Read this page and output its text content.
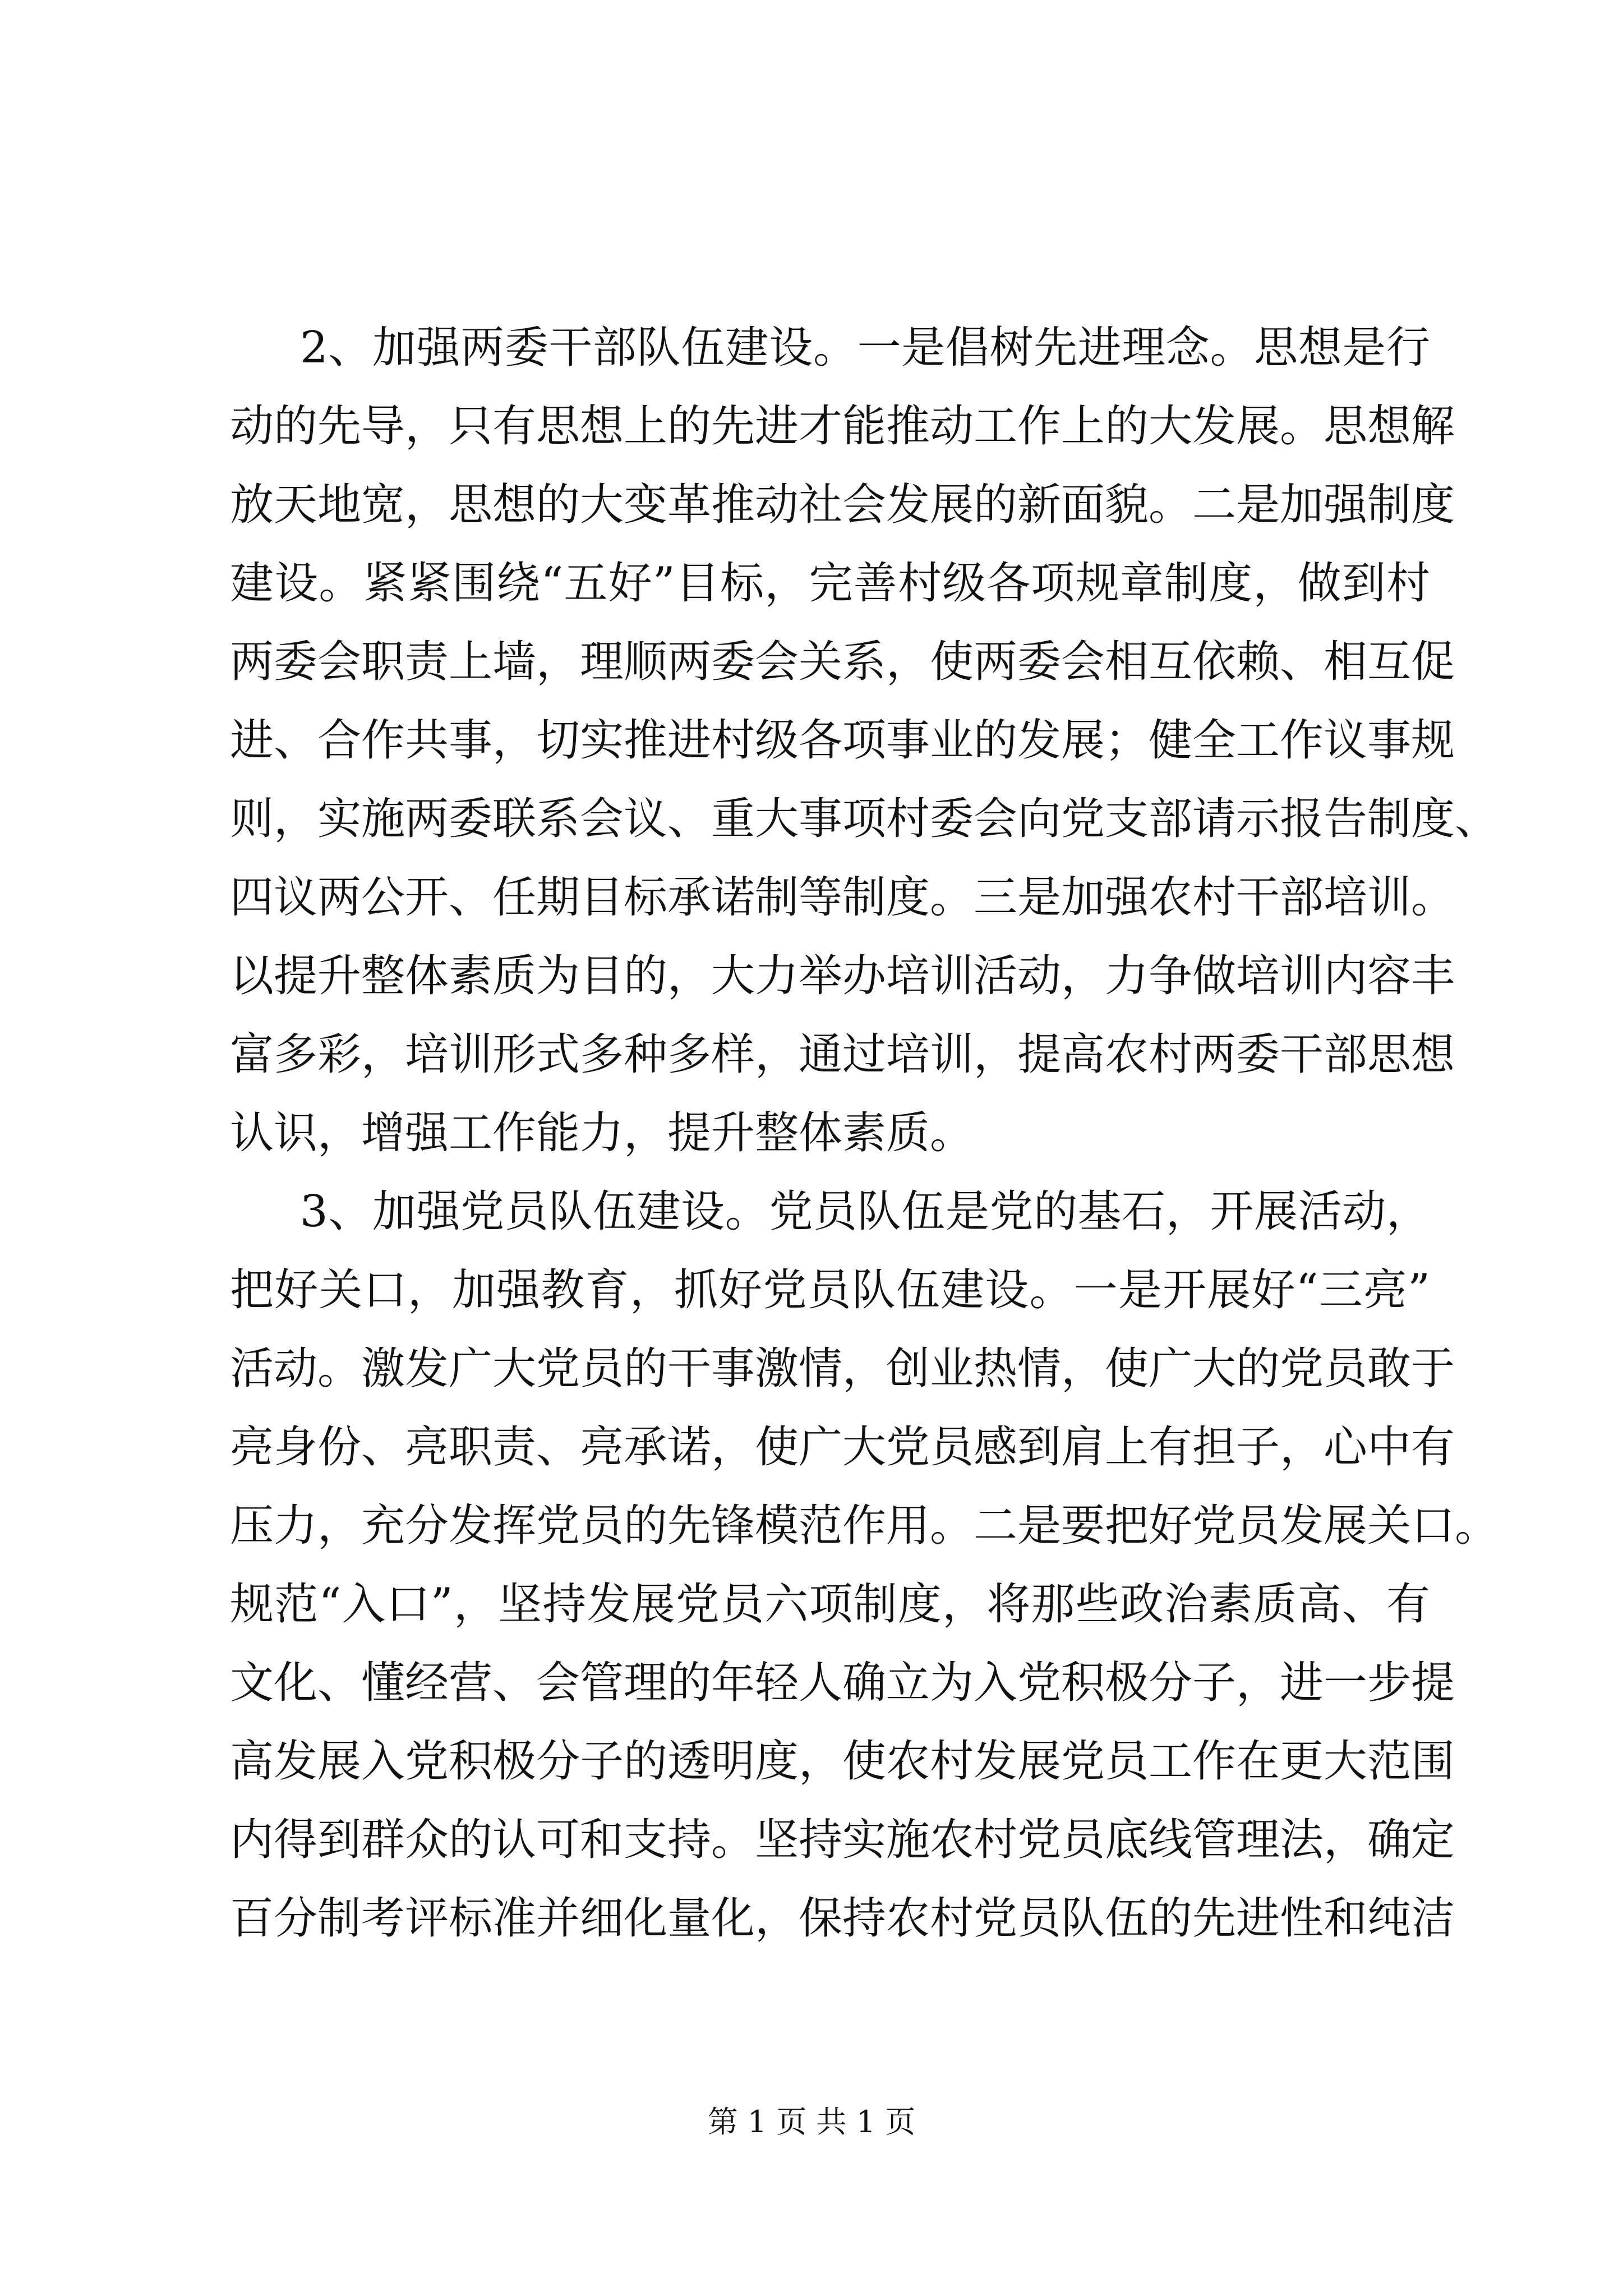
2、加强两委干部队伍建设。一是倡树先进理念。思想是行
动的先导，只有思想上的先进才能推动工作上的大发展。思想解
放天地宽，思想的大变革推动社会发展的新面貌。二是加强制度
建设。紧紧围绕“五好”目标，完善村级各项规章制度，做到村
两委会职责上墙，理顺两委会关系，使两委会相互依赖、相互促
进、合作共事，切实推进村级各项事业的发展；健全工作议事规
则，实施两委联系会议、重大事项村委会向党支部请示报告制度、
四议两公开、任期目标承诺制等制度。三是加强农村干部培训。
以提升整体素质为目的，大力举办培训活动，力争做培训内容丰
富多彩，培训形式多种多样，通过培训，提高农村两委干部思想
认识，增强工作能力，提升整体素质。
3、加强党员队伍建设。党员队伍是党的基石，开展活动，
把好关口，加强教育，抓好党员队伍建设。一是开展好“三亮”
活动。激发广大党员的干事激情，创业热情，使广大的党员敢于
亮身份、亮职责、亮承诺，使广大党员感到肩上有担子，心中有
压力，充分发挥党员的先锋模范作用。二是要把好党员发展关口。
规范“入口”，坚持发展党员六项制度，将那些政治素质高、有
文化、懂经营、会管理的年轻人确立为入党积极分子，进一步提
高发展入党积极分子的透明度，使农村发展党员工作在更大范围
内得到群众的认可和支持。坚持实施农村党员底线管理法，确定
百分制考评标准并细化量化，保持农村党员队伍的先进性和纯洁
第 1 页 共 1 页
